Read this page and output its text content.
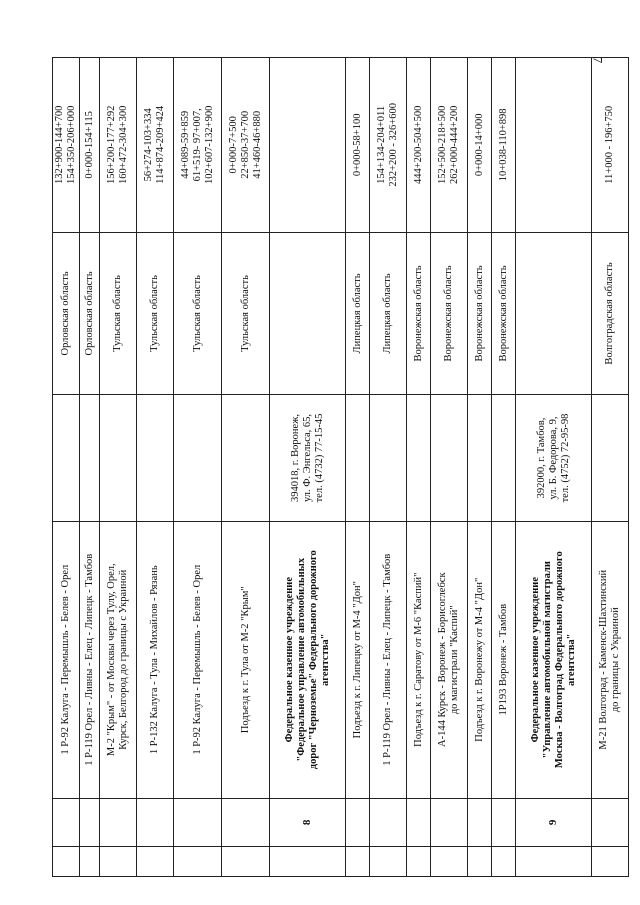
7
		1 Р-92 Калуга - Перемышль - Белев - Орел		Орловская область	132+900-144+700
154+350-206+000
		1 Р-119 Орел - Ливны - Елец - Липецк - Тамбов		Орловская область	0+000-154+115
		М-2 "Крым" - от Москвы через Тулу, Орел,
Курск, Белгород до границы с Украиной		Тульская область	156+200-177+292
160+472-304+300
		1 Р-132 Калуга - Тула - Михайлов - Рязань		Тульская область	56+274-103+334
114+874-209+424
		1 Р-92 Калуга - Перемышль - Белев - Орел		Тульская область	44+089-59+859
61+519- 97+007,
102+607-132+900
		Подъезд к г. Тула от М-2 "Крым"		Тульская область	0+000-7+500
22+850-37+700
41+460-46+880
	8	Федеральное казенное учреждение
"Федеральное управление автомобильных
дорог "Черноземье" Федерального дорожного
агентства"	394018, г. Воронеж,
ул. Ф. Энгельса, 65,
тел. (4732) 77-15-45		
		Подъезд к г. Липецку от М-4 "Дон"		Липецкая область	0+000-58+100
		1 Р-119 Орел - Ливны - Елец - Липецк - Тамбов		Липецкая область	154+134-204+011
232+200 - 326+600
		Подъезд к г. Саратову от М-6 "Каспий"		Воронежская область	444+200-504+500
		А-144 Курск - Воронеж - Борисоглебск
до магистрали "Каспий"		Воронежская область	152+500-218+500
262+000-444+200
		Подъезд к г. Воронежу от М-4 "Дон"		Воронежская область	0+000-14+000
		1Р193 Воронеж - Тамбов		Воронежская область	10+038-110+898
	9	Федеральное казенное учреждение
"Управление автомобильной магистрали
Москва - Волгоград Федерального дорожного
агентства"	392000, г. Тамбов,
ул. Б. Федорова, 9,
тел. (4752) 72-95-98		
		М-21 Волгоград - Каменск-Шахтинский
до границы с Украиной		Волгоградская область	11+000 - 196+750
